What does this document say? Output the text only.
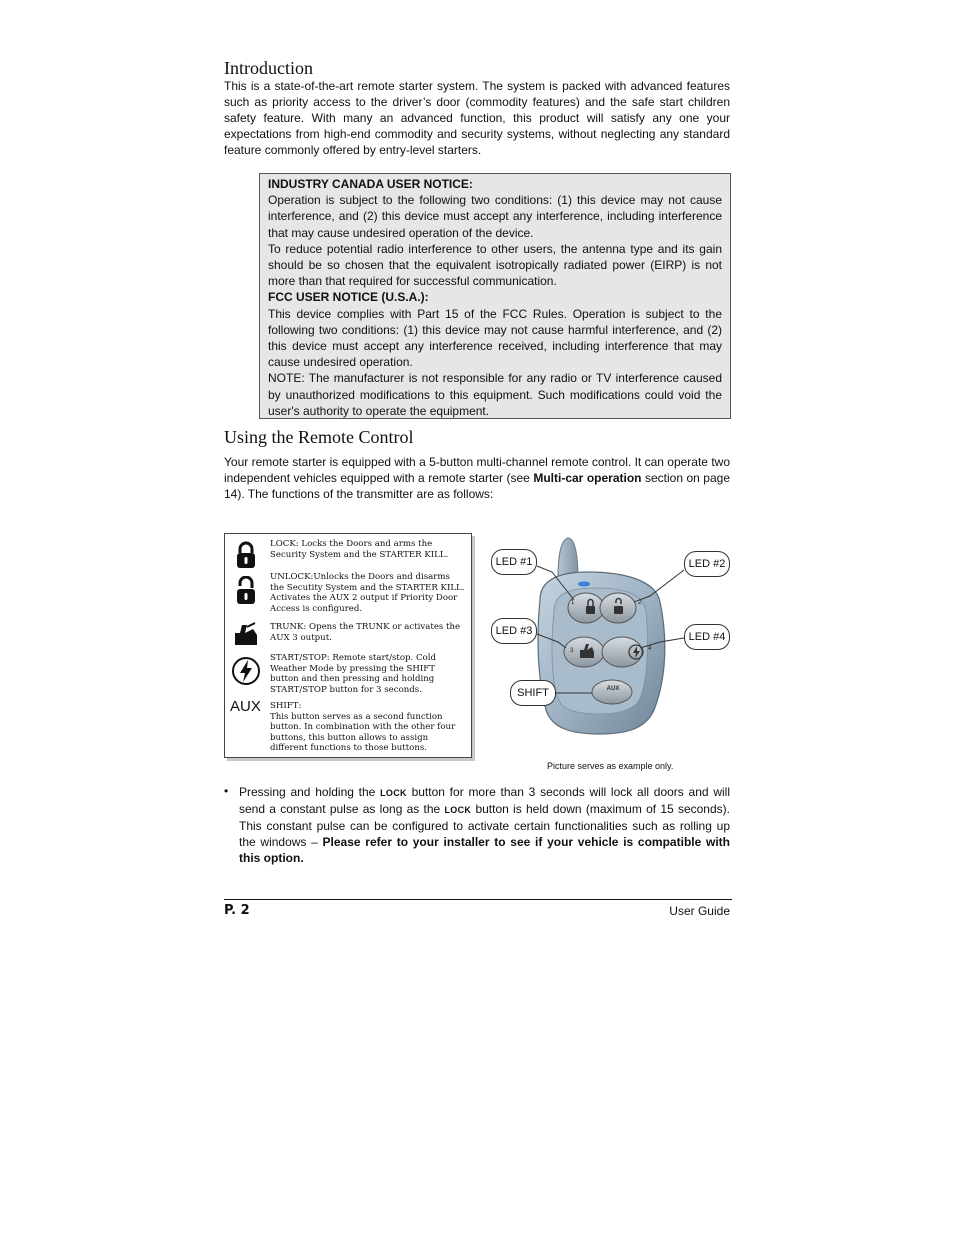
Introduction
This is a state-of-the-art remote starter system. The system is packed with advanced features such as priority access to the driver’s door (commodity features) and the safe start children safety feature. With many an advanced function, this product will satisfy any one your expectations from high-end commodity and security systems, without neglecting any standard feature commonly offered by entry-level starters.
INDUSTRY CANADA USER NOTICE:
Operation is subject to the following two conditions: (1) this device may not cause interference, and (2) this device must accept any interference, including interference that may cause undesired operation of the device.
To reduce potential radio interference to other users, the antenna type and its gain should be so chosen that the equivalent isotropically radiated power (EIRP) is not more than that required for successful communication.
FCC USER NOTICE (U.S.A.):
This device complies with Part 15 of the FCC Rules. Operation is subject to the following two conditions: (1) this device may not cause harmful interference, and (2) this device must accept any interference received, including interference that may cause undesired operation.
NOTE: The manufacturer is not responsible for any radio or TV interference caused by unauthorized modifications to this equipment. Such modifications could void the user's authority to operate the equipment.
Using the Remote Control
Your remote starter is equipped with a 5-button multi-channel remote control. It can operate two independent vehicles equipped with a remote starter (see Multi-car operation section on page 14). The functions of the transmitter are as follows:
LOCK: Locks the Doors and arms the Security System and the STARTER KILL.
UNLOCK:Unlocks the Doors and disarms the Secutity System and the STARTER KILL. Activates the AUX 2 output if Priority Door Access is configured.
TRUNK: Opens the TRUNK or activates the AUX 3 output.
START/STOP: Remote start/stop. Cold Weather Mode by pressing the SHIFT button and then pressing and holding START/STOP button for 3 seconds.
AUX SHIFT:
This button serves as a second function button. In combination with the other four buttons, this button allows to assign different functions to those buttons.
AUX
1	2
3	4
LED #1	LED #2
LED #3	LED #4
SHIFT
Picture serves as example only.
• Pressing and holding the LOCK button for more than 3 seconds will lock all doors and will send a constant pulse as long as the LOCK button is held down (maximum of 15 seconds). This constant pulse can be configured to activate certain functionalities such as rolling up the windows – Please refer to your installer to see if your vehicle is compatible with this option.
P. 2	User Guide
